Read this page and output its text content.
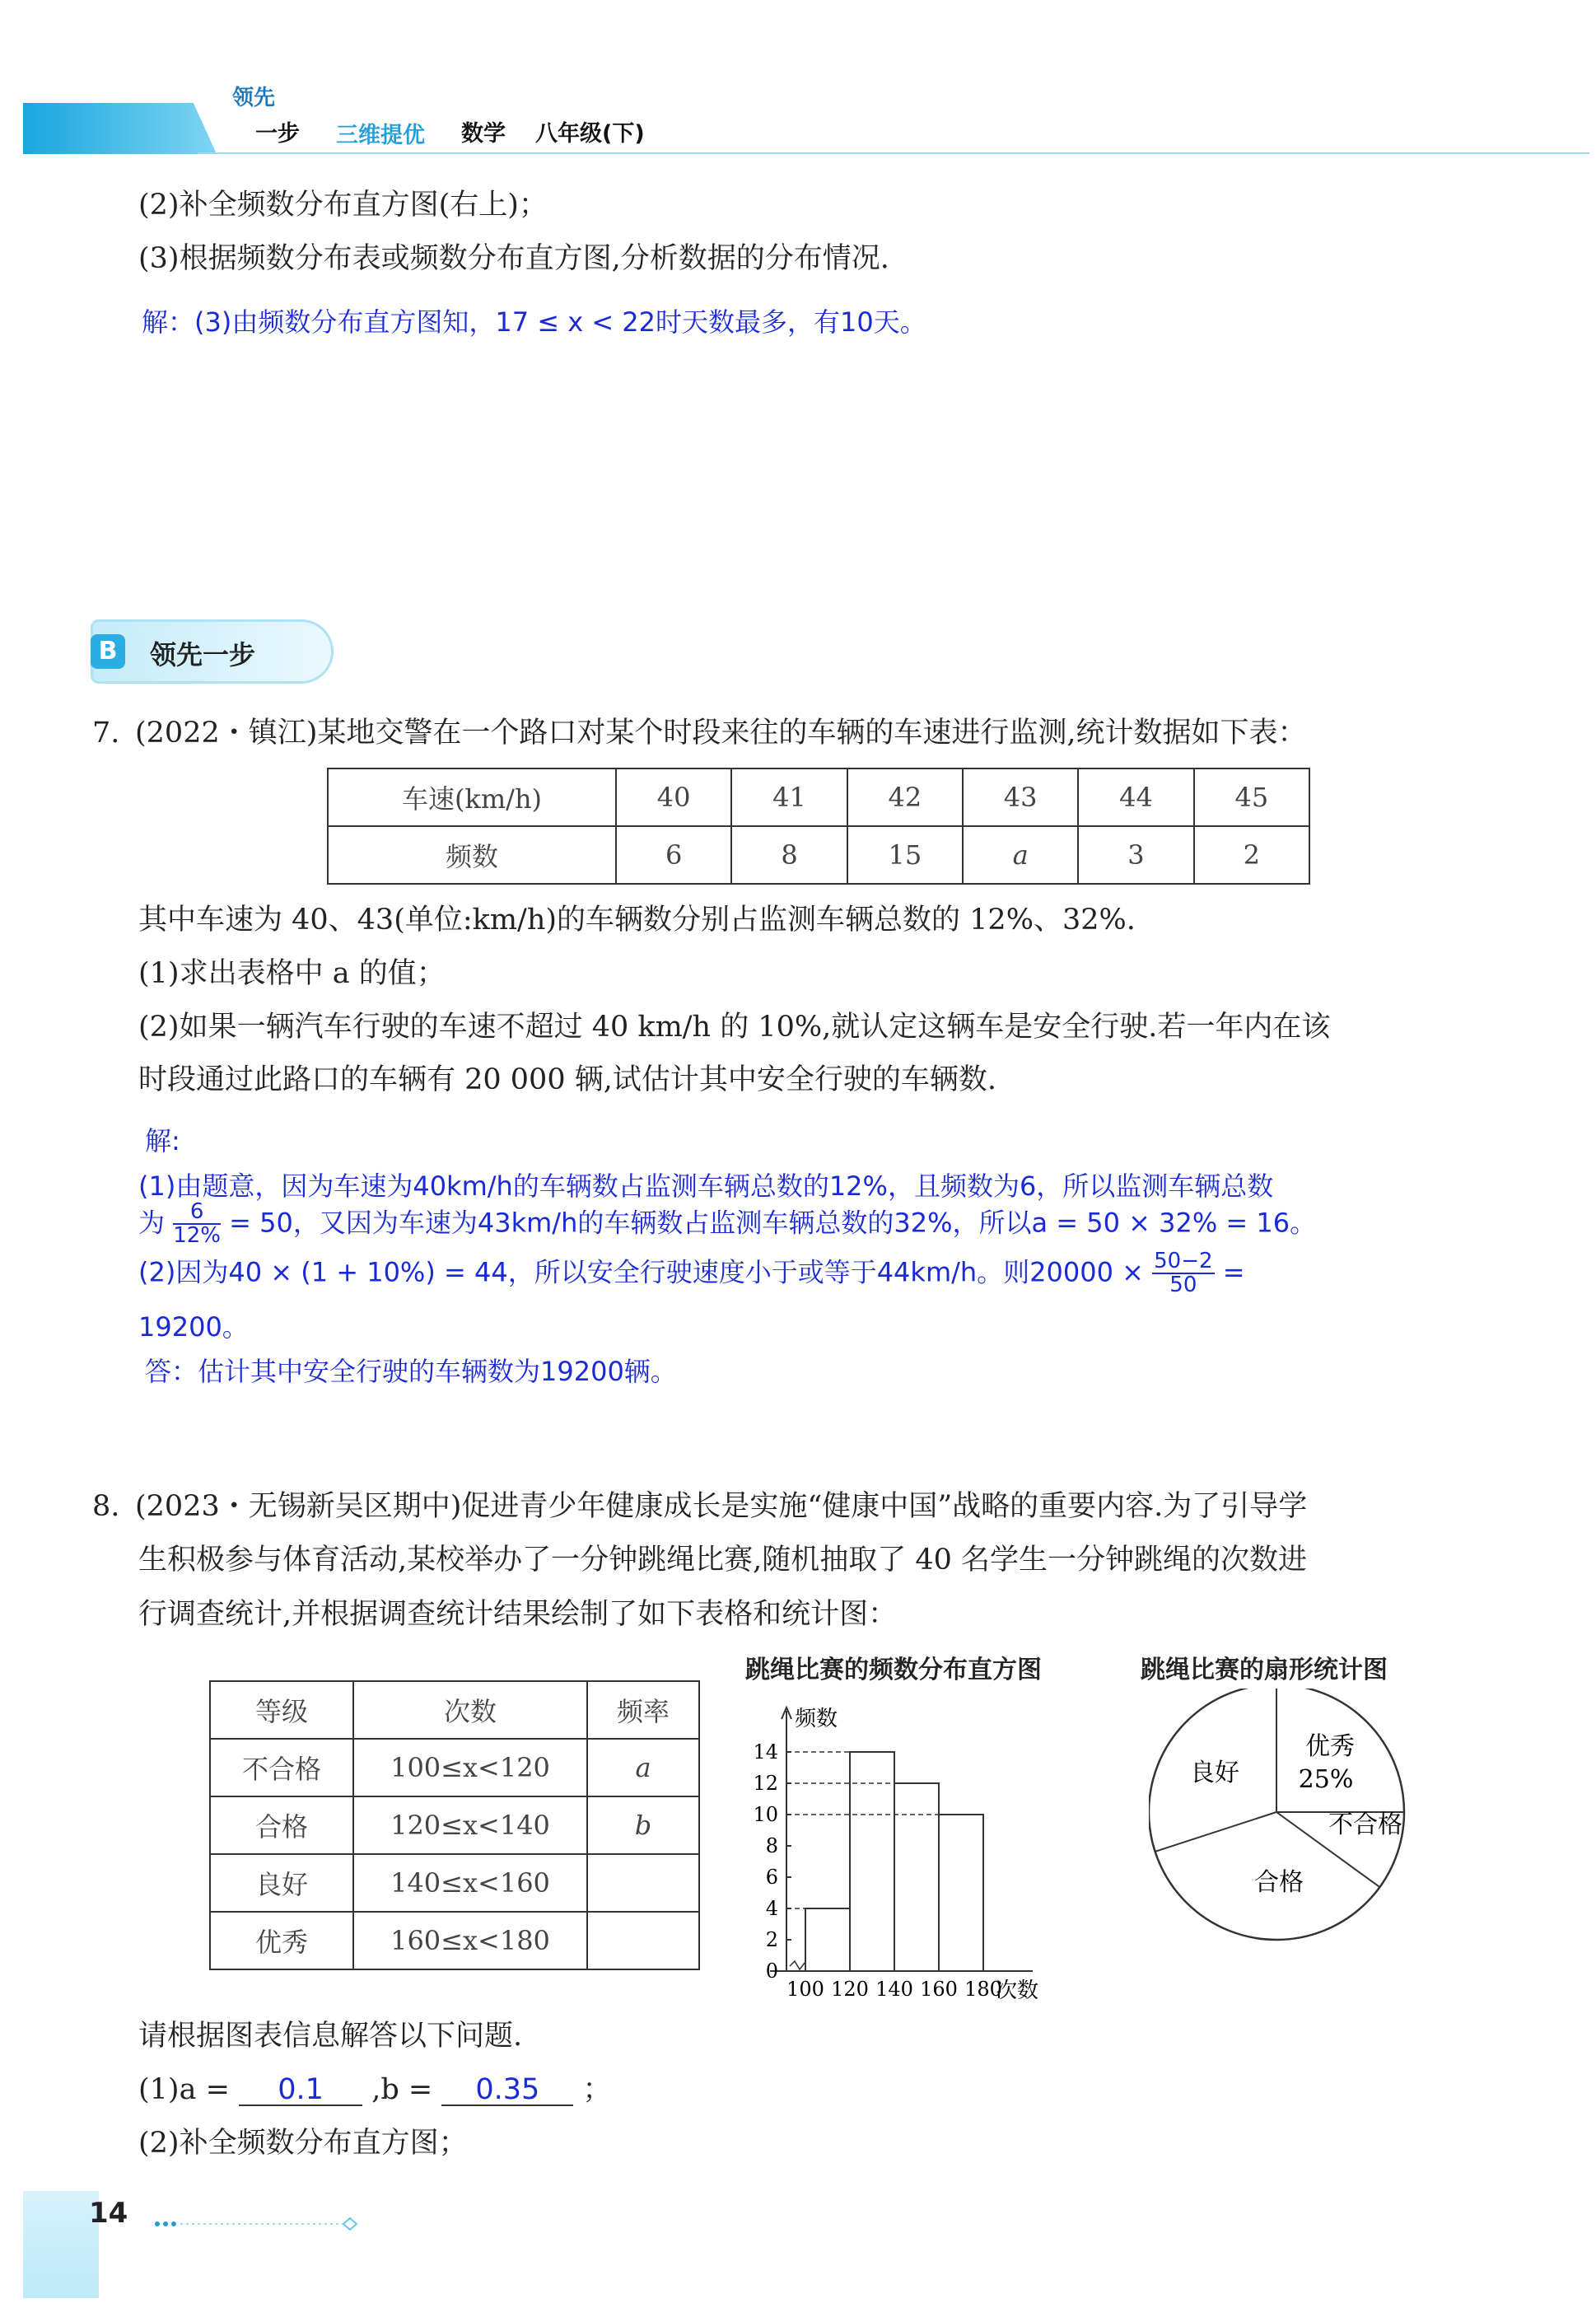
领先
一步 三维提优 数学 八年级(下)
(2)补全频数分布直方图(右上)；
(3)根据频数分布表或频数分布直方图,分析数据的分布情况.
解：(3)由频数分布直方图知，17 ≤ x < 22时天数最多，有10天。
B 领先一步
7. (2022・镇江)某地交警在一个路口对某个时段来往的车辆的车速进行监测,统计数据如下表：
车速(km/h)	40	41	42	43	44	45
频数	6	8	15	a	3	2
其中车速为 40、43(单位:km/h)的车辆数分别占监测车辆总数的 12%、32%.
(1)求出表格中 a 的值；
(2)如果一辆汽车行驶的车速不超过 40 km/h 的 10%,就认定这辆车是安全行驶.若一年内在该
时段通过此路口的车辆有 20 000 辆,试估计其中安全行驶的车辆数.
解:
(1)由题意，因为车速为40km/h的车辆数占监测车辆总数的12%，且频数为6，所以监测车辆总数
为 $\frac{6}{12\%} = 50$，又因为车速为43km/h的车辆数占监测车辆总数的32%，所以a = 50 × 32% = 16。
(2)因为40 × (1 + 10%) = 44，所以安全行驶速度小于或等于44km/h。则$20000 \times \frac{50-2}{50}$ =
19200。
答：估计其中安全行驶的车辆数为19200辆。
8. (2023・无锡新吴区期中)促进青少年健康成长是实施“健康中国”战略的重要内容.为了引导学
生积极参与体育活动,某校举办了一分钟跳绳比赛,随机抽取了 40 名学生一分钟跳绳的次数进
行调查统计,并根据调查统计结果绘制了如下表格和统计图：
等级	次数	频率
不合格	100≤x<120	a
合格	120≤x<140	b
良好	140≤x<160	
优秀	160≤x<180	
跳绳比赛的频数分布直方图
频数
0
2
4
6
8
10
12
14
100 120 140 160 180
次数
跳绳比赛的扇形统计图
优秀
25%
不合格
合格
良好
请根据图表信息解答以下问题.
(1)a = 0.1 ,b = 0.35 ；
(2)补全频数分布直方图；
14
